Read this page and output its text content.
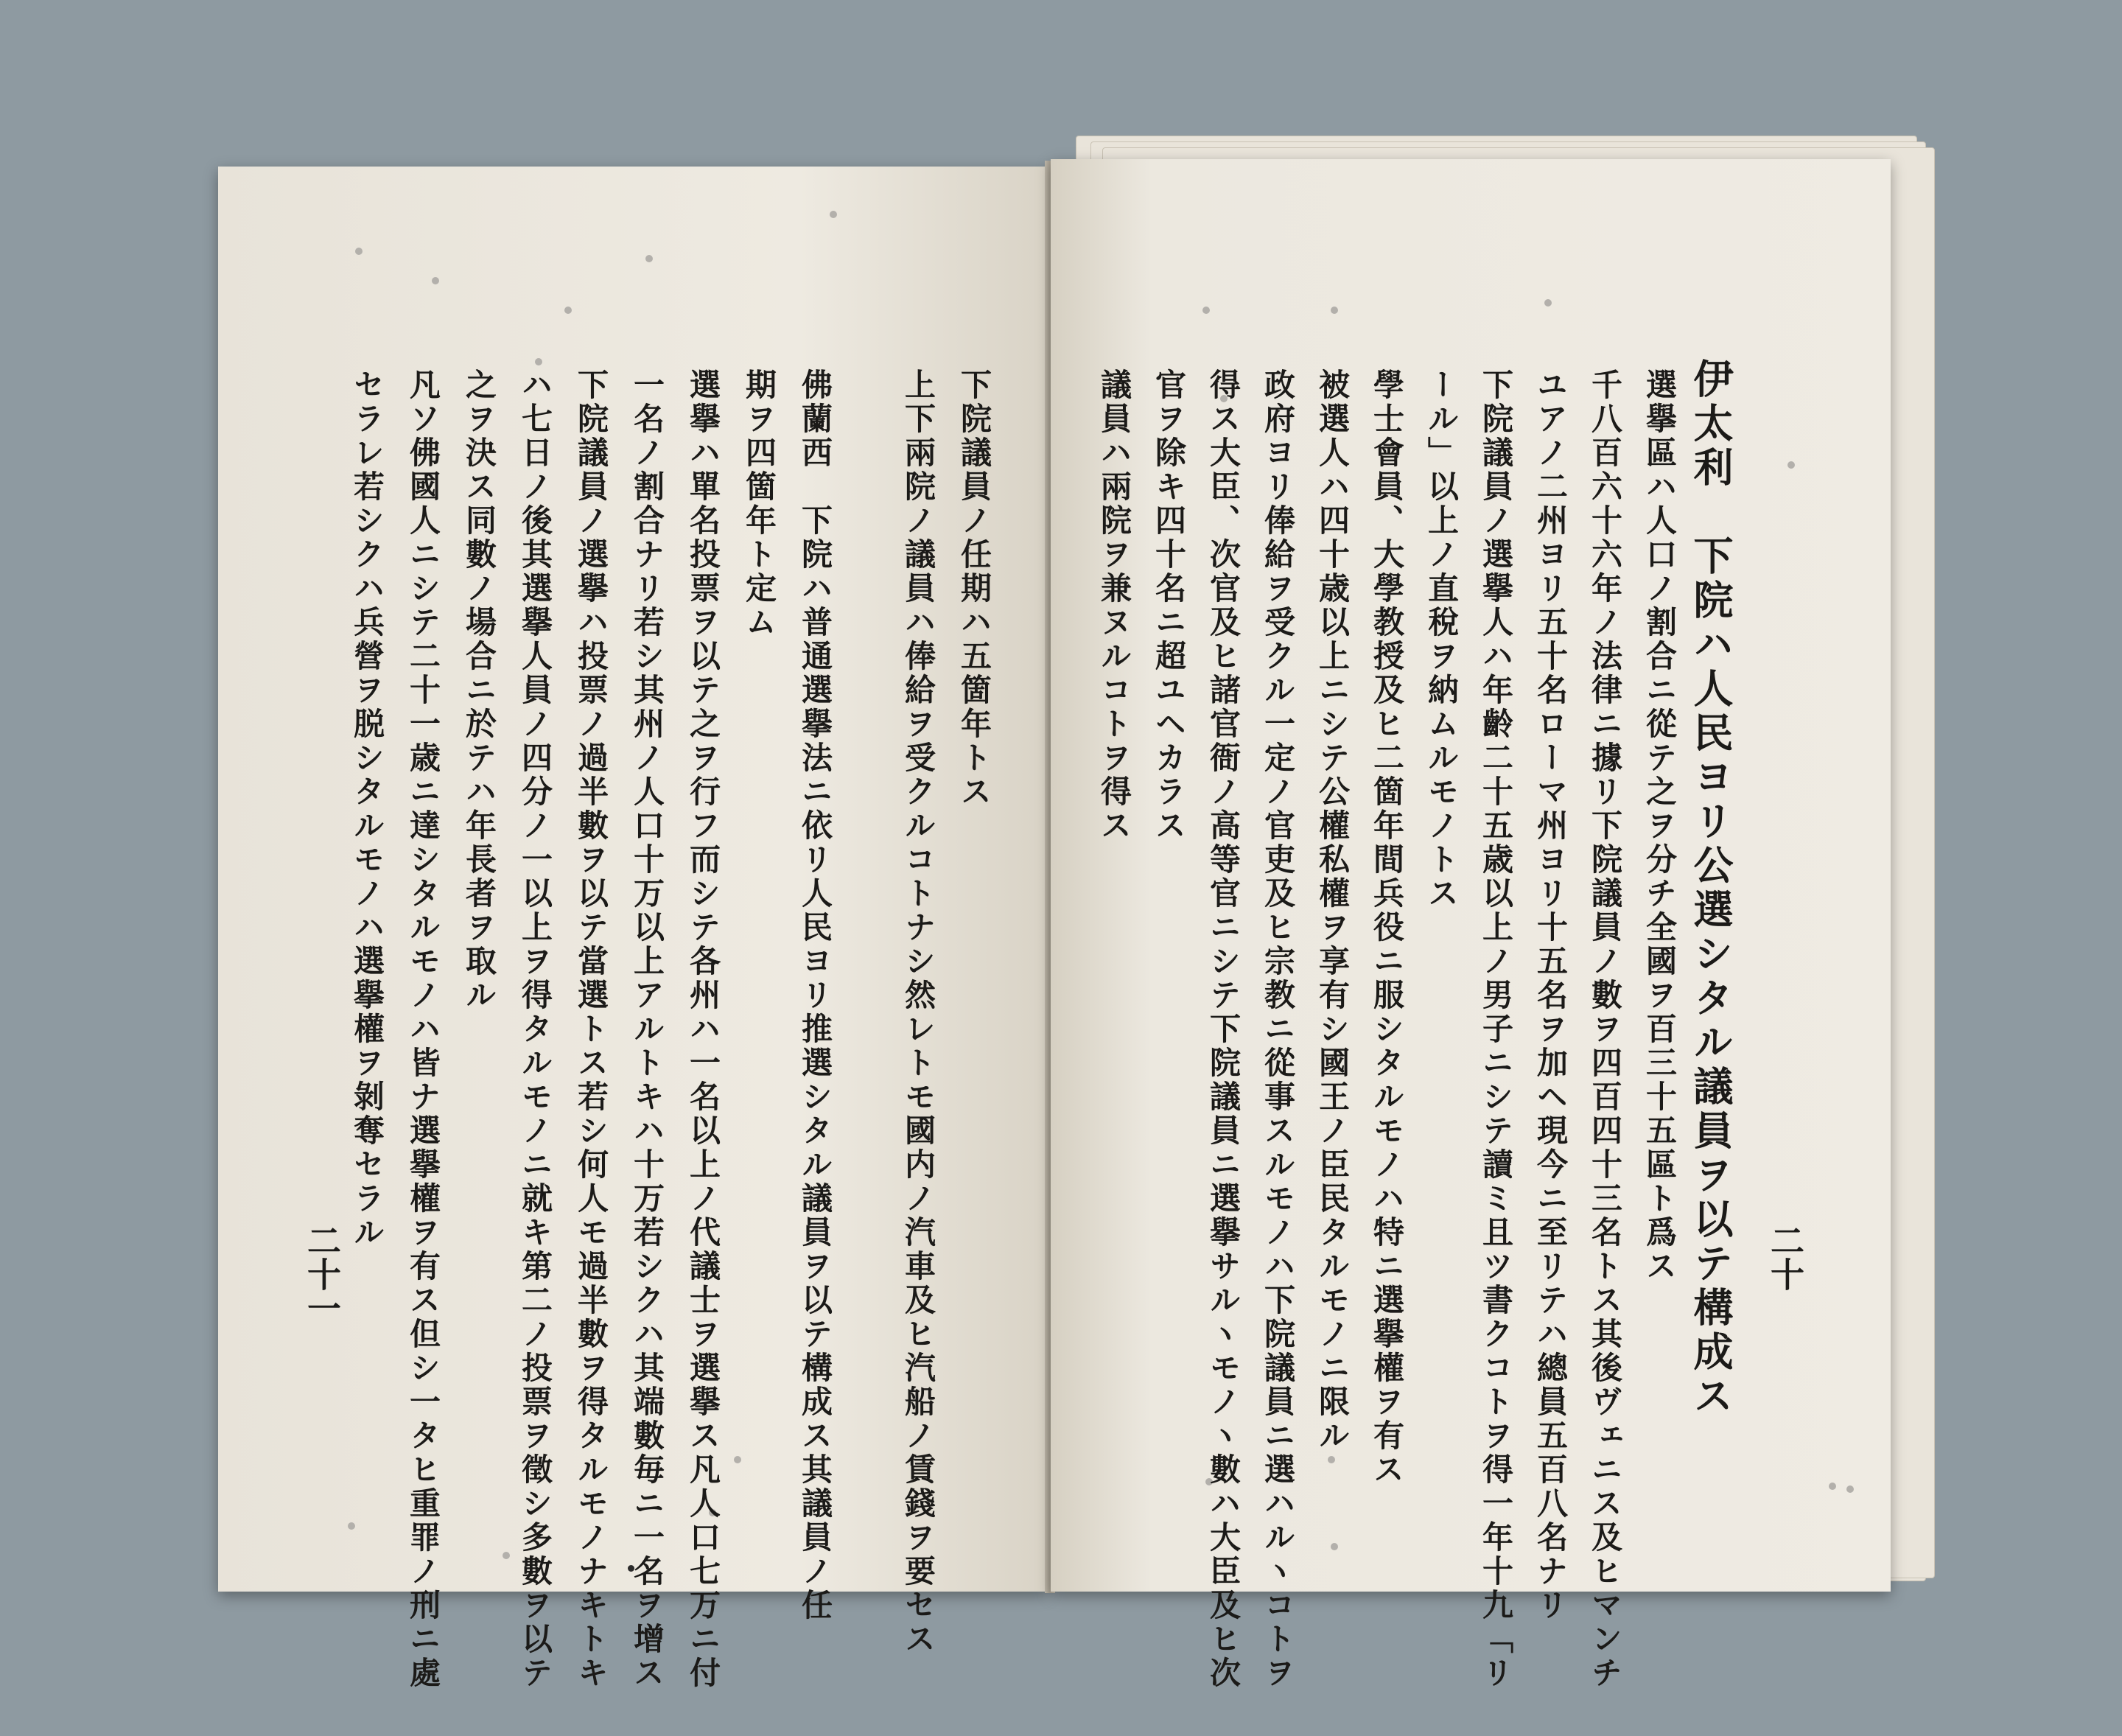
下院議員ノ任期ハ五箇年トス
上下兩院ノ議員ハ俸給ヲ受クルコトナシ然レトモ國内ノ汽車及ヒ汽船ノ賃錢ヲ要セス
佛蘭西　下院ハ普通選擧法ニ依リ人民ヨリ推選シタル議員ヲ以テ構成ス其議員ノ任
期ヲ四箇年ト定ム
選擧ハ單名投票ヲ以テ之ヲ行フ而シテ各州ハ一名以上ノ代議士ヲ選擧ス凡人口七万ニ付
一名ノ割合ナリ若シ其州ノ人口十万以上アルトキハ十万若シクハ其端數毎ニ一名ヲ增ス
下院議員ノ選擧ハ投票ノ過半數ヲ以テ當選トス若シ何人モ過半數ヲ得タルモノナキトキ
ハ七日ノ後其選擧人員ノ四分ノ一以上ヲ得タルモノニ就キ第二ノ投票ヲ徵シ多數ヲ以テ
之ヲ決ス同數ノ場合ニ於テハ年長者ヲ取ル
凡ソ佛國人ニシテ二十一歳ニ達シタルモノハ皆ナ選擧權ヲ有ス但シ一タヒ重罪ノ刑ニ處
セラレ若シクハ兵營ヲ脱シタルモノハ選擧權ヲ剝奪セラル
二十一	伊太利　下院ハ人民ヨリ公選シタル議員ヲ以テ構成ス
選擧區ハ人口ノ割合ニ從テ之ヲ分チ全國ヲ百三十五區ト爲ス
千八百六十六年ノ法律ニ據リ下院議員ノ數ヲ四百四十三名トス其後ヴェニス及ヒマンチ
ユアノ二州ヨリ五十名ローマ州ヨリ十五名ヲ加ヘ現今ニ至リテハ總員五百八名ナリ
下院議員ノ選擧人ハ年齡二十五歳以上ノ男子ニシテ讀ミ且ツ書クコトヲ得一年十九「リ
ール」以上ノ直稅ヲ納ムルモノトス
學士會員、大學教授及ヒ二箇年間兵役ニ服シタルモノハ特ニ選擧權ヲ有ス
被選人ハ四十歳以上ニシテ公權私權ヲ享有シ國王ノ臣民タルモノニ限ル
政府ヨリ俸給ヲ受クル一定ノ官吏及ヒ宗教ニ從事スルモノハ下院議員ニ選ハルヽコトヲ
得ス大臣、次官及ヒ諸官衙ノ高等官ニシテ下院議員ニ選擧サルヽモノヽ數ハ大臣及ヒ次
官ヲ除キ四十名ニ超ユヘカラス
議員ハ兩院ヲ兼ヌルコトヲ得ス
二十
